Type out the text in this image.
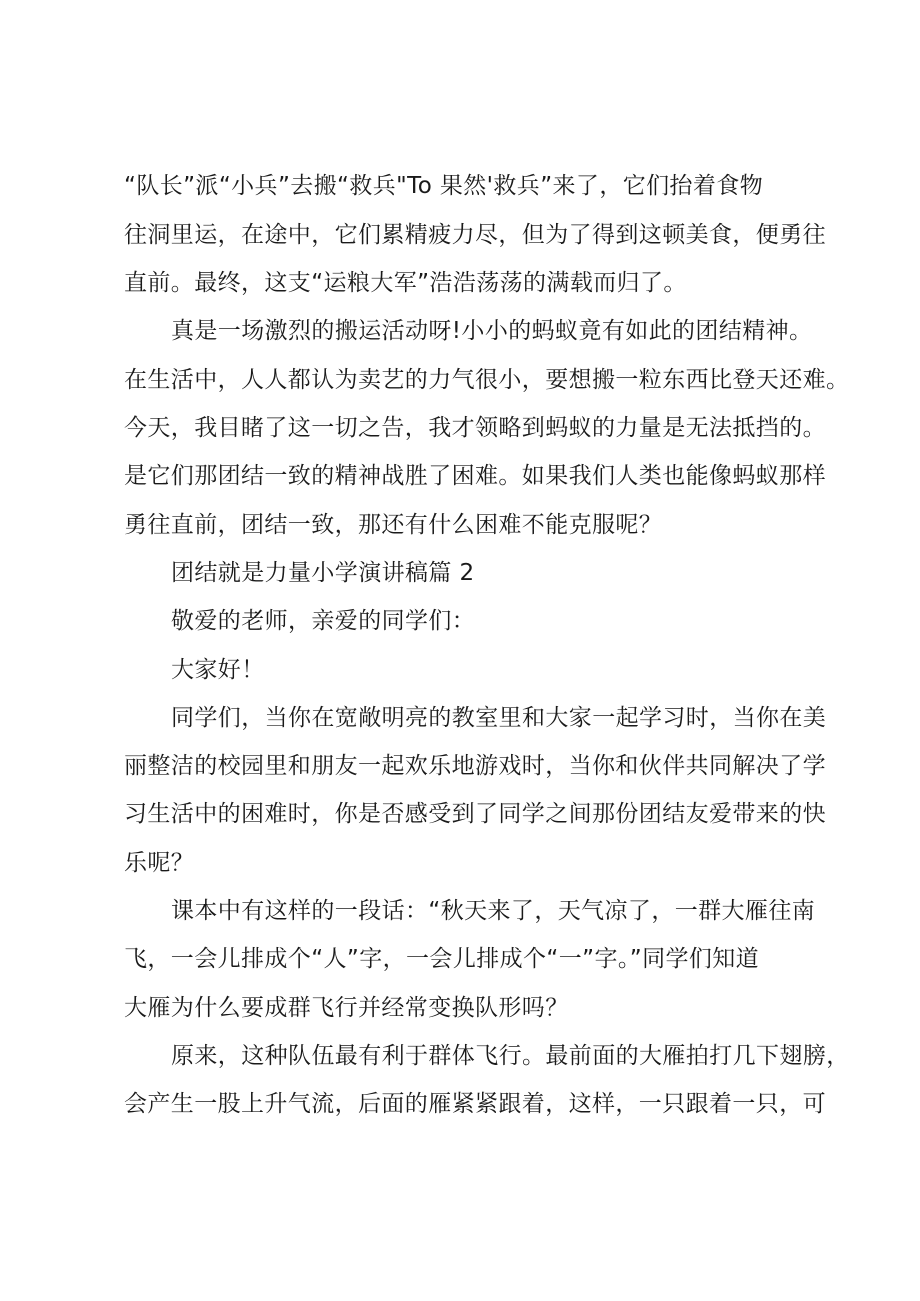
“队长”派“小兵”去搬“救兵"To 果然'救兵”来了，它们抬着食物
往洞里运，在途中，它们累精疲力尽，但为了得到这顿美食，便勇往
直前。最终，这支“运粮大军”浩浩荡荡的满载而归了。
真是一场激烈的搬运活动呀!小小的蚂蚁竟有如此的团结精神。
在生活中，人人都认为卖艺的力气很小，要想搬一粒东西比登天还难。
今天，我目睹了这一切之告，我才领略到蚂蚁的力量是无法抵挡的。
是它们那团结一致的精神战胜了困难。如果我们人类也能像蚂蚁那样
勇往直前，团结一致，那还有什么困难不能克服呢？
团结就是力量小学演讲稿篇 2
敬爱的老师，亲爱的同学们：
大家好！
同学们，当你在宽敞明亮的教室里和大家一起学习时，当你在美
丽整洁的校园里和朋友一起欢乐地游戏时，当你和伙伴共同解决了学
习生活中的困难时，你是否感受到了同学之间那份团结友爱带来的快
乐呢？
课本中有这样的一段话：“秋天来了，天气凉了，一群大雁往南
飞，一会儿排成个“人”字，一会儿排成个“一”字。”同学们知道
大雁为什么要成群飞行并经常变换队形吗？
原来，这种队伍最有利于群体飞行。最前面的大雁拍打几下翅膀，
会产生一股上升气流，后面的雁紧紧跟着，这样，一只跟着一只，可
